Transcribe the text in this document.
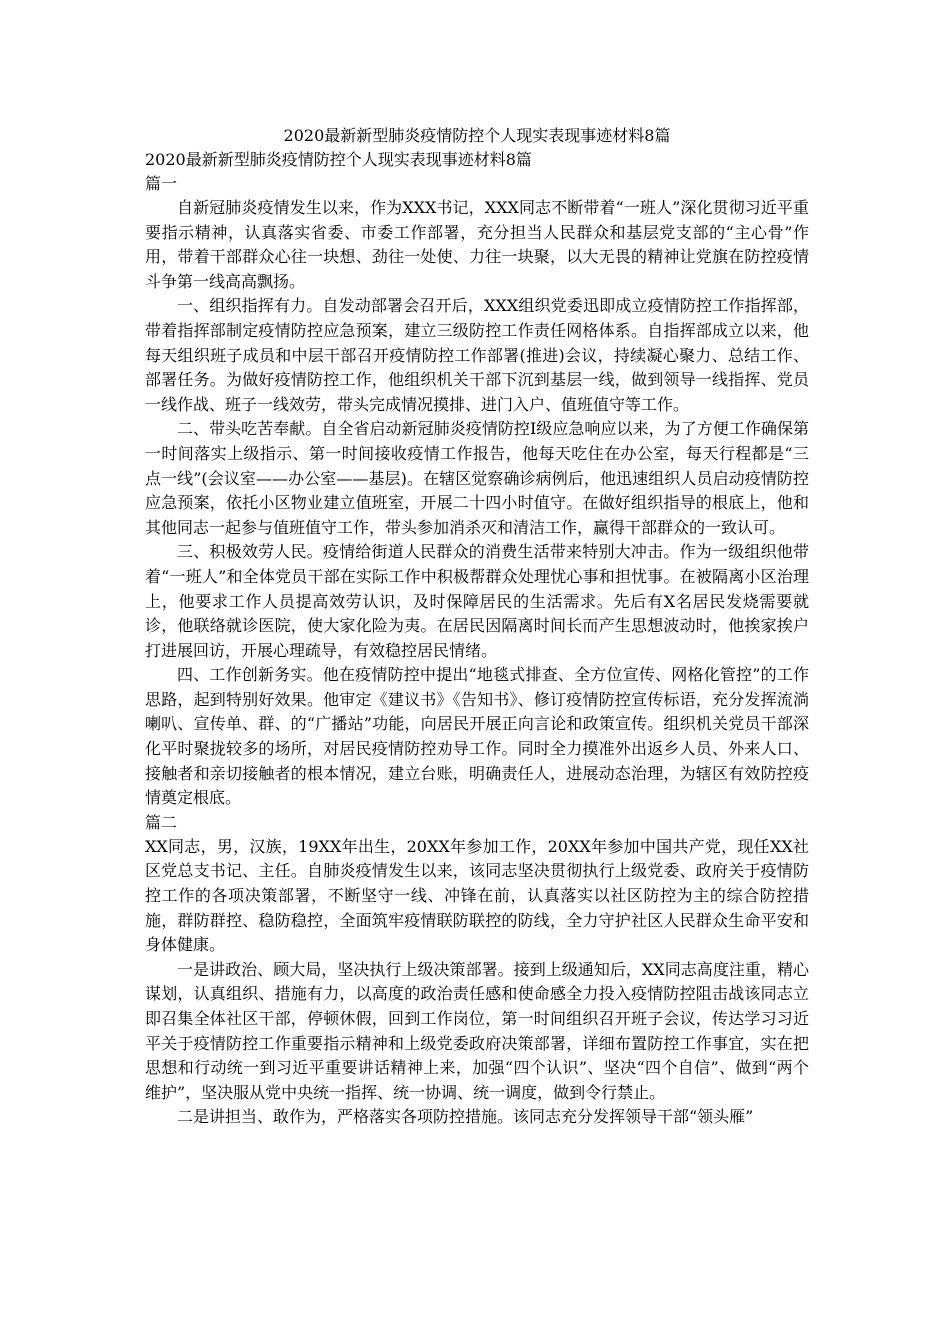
2020最新新型肺炎疫情防控个人现实表现事迹材料8篇

2020最新新型肺炎疫情防控个人现实表现事迹材料8篇

篇一

自新冠肺炎疫情发生以来，作为XXX书记，XXX同志不断带着“一班人”深化贯彻习近平重要指示精神，认真落实省委、市委工作部署，充分担当人民群众和基层党支部的“主心骨”作用，带着干部群众心往一块想、劲往一处使、力往一块聚，以大无畏的精神让党旗在防控疫情斗争第一线高高飘扬。

一、组织指挥有力。自发动部署会召开后，XXX组织党委迅即成立疫情防控工作指挥部，带着指挥部制定疫情防控应急预案，建立三级防控工作责任网格体系。自指挥部成立以来，他每天组织班子成员和中层干部召开疫情防控工作部署(推进)会议，持续凝心聚力、总结工作、部署任务。为做好疫情防控工作，他组织机关干部下沉到基层一线，做到领导一线指挥、党员一线作战、班子一线效劳，带头完成情况摸排、进门入户、值班值守等工作。

二、带头吃苦奉献。自全省启动新冠肺炎疫情防控Ⅰ级应急响应以来，为了方便工作确保第一时间落实上级指示、第一时间接收疫情工作报告，他每天吃住在办公室，每天行程都是“三点一线”(会议室——办公室——基层)。在辖区觉察确诊病例后，他迅速组织人员启动疫情防控应急预案，依托小区物业建立值班室，开展二十四小时值守。在做好组织指导的根底上，他和其他同志一起参与值班值守工作，带头参加消杀灭和清洁工作，赢得干部群众的一致认可。

三、积极效劳人民。疫情给街道人民群众的消费生活带来特别大冲击。作为一级组织他带着“一班人”和全体党员干部在实际工作中积极帮群众处理忧心事和担忧事。在被隔离小区治理上，他要求工作人员提高效劳认识，及时保障居民的生活需求。先后有X名居民发烧需要就诊，他联络就诊医院，使大家化险为夷。在居民因隔离时间长而产生思想波动时，他挨家挨户打进展回访，开展心理疏导，有效稳控居民情绪。

四、工作创新务实。他在疫情防控中提出“地毯式排查、全方位宣传、网格化管控”的工作思路，起到特别好效果。他审定《建议书》《告知书》、修订疫情防控宣传标语，充分发挥流淌喇叭、宣传单、群、的“广播站”功能，向居民开展正向言论和政策宣传。组织机关党员干部深化平时聚拢较多的场所，对居民疫情防控劝导工作。同时全力摸准外出返乡人员、外来人口、接触者和亲切接触者的根本情况，建立台账，明确责任人，进展动态治理，为辖区有效防控疫情奠定根底。

篇二

XX同志，男，汉族，19XX年出生，20XX年参加工作，20XX年参加中国共产党，现任XX社区党总支书记、主任。自肺炎疫情发生以来，该同志坚决贯彻执行上级党委、政府关于疫情防控工作的各项决策部署，不断坚守一线、冲锋在前，认真落实以社区防控为主的综合防控措施，群防群控、稳防稳控，全面筑牢疫情联防联控的防线，全力守护社区人民群众生命平安和身体健康。

一是讲政治、顾大局，坚决执行上级决策部署。接到上级通知后，XX同志高度注重，精心谋划，认真组织、措施有力，以高度的政治责任感和使命感全力投入疫情防控阻击战该同志立即召集全体社区干部，停顿休假，回到工作岗位，第一时间组织召开班子会议，传达学习习近平关于疫情防控工作重要指示精神和上级党委政府决策部署，详细布置防控工作事宜，实在把思想和行动统一到习近平重要讲话精神上来，加强“四个认识”、坚决“四个自信”、做到“两个维护”，坚决服从党中央统一指挥、统一协调、统一调度，做到令行禁止。

二是讲担当、敢作为，严格落实各项防控措施。该同志充分发挥领导干部“领头雁”
